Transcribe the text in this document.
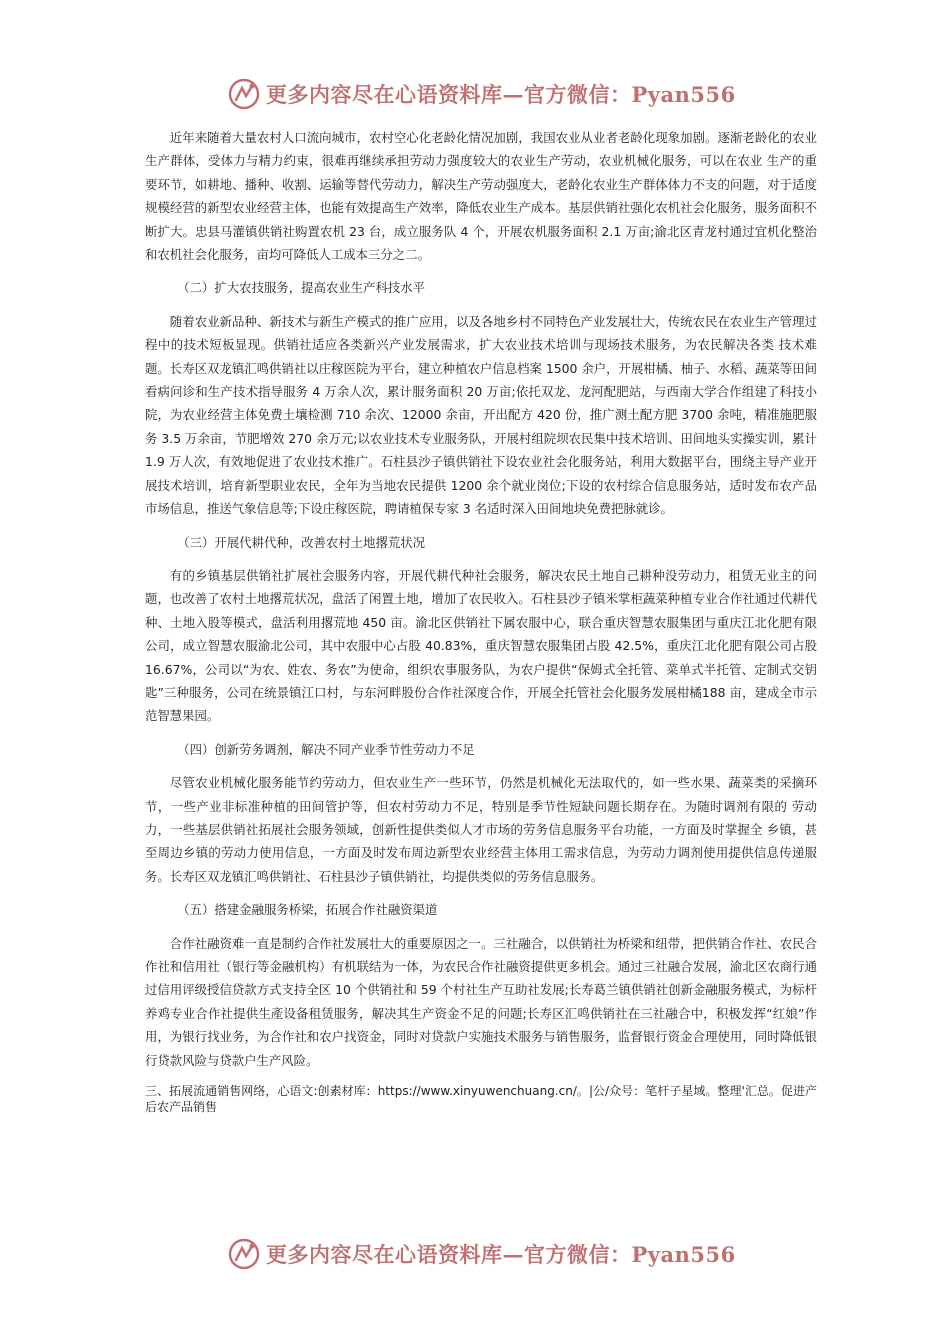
更多内容尽在心语资料库—官方微信：Pyan556

近年来随着大量农村人口流向城市，农村空心化老龄化情况加剧，我国农业从业者老龄化现象加剧。逐渐老龄化的农业生产群体，受体力与精力约束，很难再继续承担劳动力强度较大的农业生产劳动，农业机械化服务，可以在农业 生产的重要环节，如耕地、播种、收割、运输等替代劳动力，解决生产劳动强度大，老龄化农业生产群体体力不支的问题，对于适度规模经营的新型农业经营主体，也能有效提高生产效率，降低农业生产成本。基层供销社强化农机社会化服务，服务面积不断扩大。忠县马灌镇供销社购置农机 23 台，成立服务队 4 个，开展农机服务面积 2.1 万亩;渝北区青龙村通过宜机化整治和农机社会化服务，亩均可降低人工成本三分之二。

（二）扩大农技服务，提高农业生产科技水平

随着农业新品种、新技术与新生产模式的推广应用，以及各地乡村不同特色产业发展壮大，传统农民在农业生产管理过程中的技术短板显现。供销社适应各类新兴产业发展需求，扩大农业技术培训与现场技术服务，为农民解决各类 技术难题。长寿区双龙镇汇鸣供销社以庄稼医院为平台，建立种植农户信息档案 1500 余户，开展柑橘、柚子、水稻、蔬菜等田间看病问诊和生产技术指导服务 4 万余人次，累计服务面积 20 万亩;依托双龙、龙河配肥站，与西南大学合作组建了科技小院，为农业经营主体免费土壤检测 710 余次、12000 余亩，开出配方 420 份，推广测土配方肥 3700 余吨，精准施肥服务 3.5 万余亩，节肥增效 270 余万元;以农业技术专业服务队，开展村组院坝农民集中技术培训、田间地头实操实训，累计 1.9 万人次，有效地促进了农业技术推广。石柱县沙子镇供销社下设农业社会化服务站，利用大数据平台，围绕主导产业开展技术培训，培育新型职业农民，全年为当地农民提供 1200 余个就业岗位;下设的农村综合信息服务站，适时发布农产品市场信息，推送气象信息等;下设庄稼医院，聘请植保专家 3 名适时深入田间地块免费把脉就诊。

（三）开展代耕代种，改善农村土地撂荒状况

有的乡镇基层供销社扩展社会服务内容，开展代耕代种社会服务，解决农民土地自己耕种没劳动力，租赁无业主的问题，也改善了农村土地撂荒状况，盘活了闲置土地，增加了农民收入。石柱县沙子镇米掌柜蔬菜种植专业合作社通过代耕代种、土地入股等模式，盘活利用撂荒地 450 亩。渝北区供销社下属农服中心，联合重庆智慧农服集团与重庆江北化肥有限公司，成立智慧农服渝北公司，其中农服中心占股 40.83%，重庆智慧农服集团占股 42.5%，重庆江北化肥有限公司占股 16.67%，公司以“为农、姓农、务农”为使命，组织农事服务队，为农户提供“保姆式全托管、菜单式半托管、定制式交钥匙”三种服务，公司在统景镇江口村，与东河畔股份合作社深度合作，开展全托管社会化服务发展柑橘188 亩，建成全市示范智慧果园。

（四）创新劳务调剂，解决不同产业季节性劳动力不足

尽管农业机械化服务能节约劳动力，但农业生产一些环节，仍然是机械化无法取代的，如一些水果、蔬菜类的采摘环节，一些产业非标准种植的田间管护等，但农村劳动力不足，特别是季节性短缺问题长期存在。为随时调剂有限的 劳动力，一些基层供销社拓展社会服务领域，创新性提供类似人才市场的劳务信息服务平台功能，一方面及时掌握全 乡镇，甚至周边乡镇的劳动力使用信息，一方面及时发布周边新型农业经营主体用工需求信息，为劳动力调剂使用提供信息传递服务。长寿区双龙镇汇鸣供销社、石柱县沙子镇供销社，均提供类似的劳务信息服务。

（五）搭建金融服务桥梁，拓展合作社融资渠道

合作社融资难一直是制约合作社发展壮大的重要原因之一。三社融合，以供销社为桥梁和纽带，把供销合作社、农民合作社和信用社（银行等金融机构）有机联结为一体，为农民合作社融资提供更多机会。通过三社融合发展，渝北区农商行通过信用评级授信贷款方式支持全区 10 个供销社和 59 个村社生产互助社发展;长寿葛兰镇供销社创新金融服务模式，为标杆养鸡专业合作社提供生產设备租赁服务，解决其生产资金不足的问题;长寿区汇鸣供销社在三社融合中，积极发挥“红娘”作用，为银行找业务，为合作社和农户找资金，同时对贷款户实施技术服务与销售服务，监督银行资金合理使用，同时降低银行贷款风险与贷款户生产风险。

三、拓展流通销售网络，心语文:创素材库：https://www.xinyuwenchuang.cn/。|公/众号：笔杆子星域。整理'汇总。促进产后农产品销售

更多内容尽在心语资料库—官方微信：Pyan556
